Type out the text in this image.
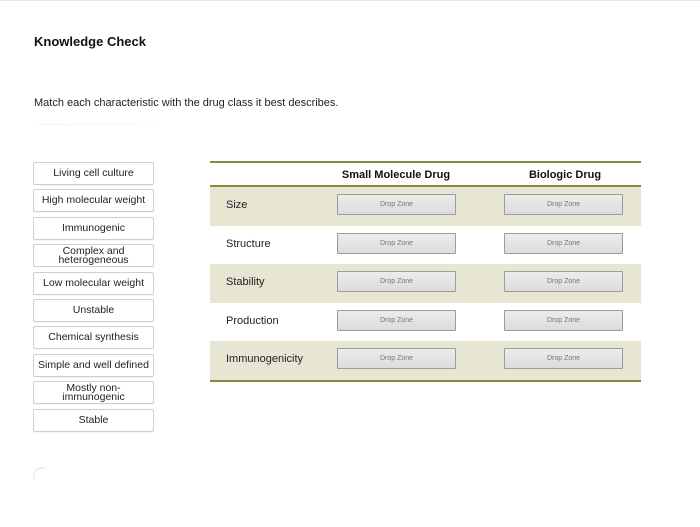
Knowledge Check
Match each characteristic with the drug class it best describes.
Living cell culture
High molecular weight
Immunogenic
Complex and heterogeneous
Low molecular weight
Unstable
Chemical synthesis
Simple and well defined
Mostly non-immunogenic
Stable
Small Molecule Drug	Biologic Drug
Size	Drop Zone	Drop Zone
Structure	Drop Zone	Drop Zone
Stability	Drop Zone	Drop Zone
Production	Drop Zone	Drop Zone
Immunogenicity	Drop Zone	Drop Zone
